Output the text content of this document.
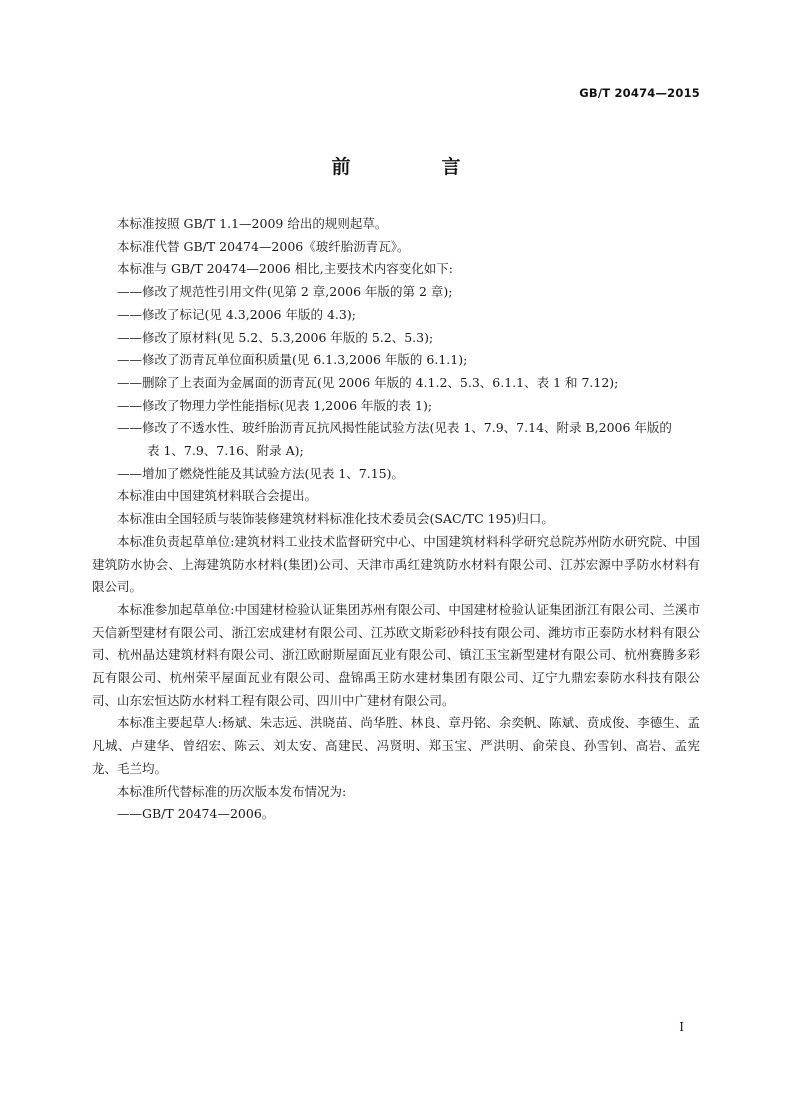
GB/T 20474—2015
前　言

本标准按照 GB/T 1.1—2009 给出的规则起草。

本标准代替 GB/T 20474—2006《玻纤胎沥青瓦》。

本标准与 GB/T 20474—2006 相比,主要技术内容变化如下:

——修改了规范性引用文件(见第 2 章,2006 年版的第 2 章);
——修改了标记(见 4.3,2006 年版的 4.3);
——修改了原材料(见 5.2、5.3,2006 年版的 5.2、5.3);
——修改了沥青瓦单位面积质量(见 6.1.3,2006 年版的 6.1.1);
——删除了上表面为金属面的沥青瓦(见 2006 年版的 4.1.2、5.3、6.1.1、表 1 和 7.12);
——修改了物理力学性能指标(见表 1,2006 年版的表 1);
——修改了不透水性、玻纤胎沥青瓦抗风揭性能试验方法(见表 1、7.9、7.14、附录 B,2006 年版的
表 1、7.9、7.16、附录 A);
——增加了燃烧性能及其试验方法(见表 1、7.15)。

本标准由中国建筑材料联合会提出。

本标准由全国轻质与装饰装修建筑材料标准化技术委员会(SAC/TC 195)归口。

本标准负责起草单位:建筑材料工业技术监督研究中心、中国建筑材料科学研究总院苏州防水研究院、中国建筑防水协会、上海建筑防水材料(集团)公司、天津市禹红建筑防水材料有限公司、江苏宏源中孚防水材料有限公司。

本标准参加起草单位:中国建材检验认证集团苏州有限公司、中国建材检验认证集团浙江有限公司、兰溪市天信新型建材有限公司、浙江宏成建材有限公司、江苏欧文斯彩砂科技有限公司、潍坊市正泰防水材料有限公司、杭州晶达建筑材料有限公司、浙江欧耐斯屋面瓦业有限公司、镇江玉宝新型建材有限公司、杭州赛腾多彩瓦有限公司、杭州荣平屋面瓦业有限公司、盘锦禹王防水建材集团有限公司、辽宁九鼎宏泰防水科技有限公司、山东宏恒达防水材料工程有限公司、四川中广建材有限公司。

本标准主要起草人:杨斌、朱志远、洪晓苗、尚华胜、林良、章丹铭、余奕帆、陈斌、贲成俊、李德生、孟凡城、卢建华、曾绍宏、陈云、刘太安、高建民、冯贤明、郑玉宝、严洪明、俞荣良、孙雪钊、高岩、孟宪龙、毛兰均。

本标准所代替标准的历次版本发布情况为:

——GB/T 20474—2006。

I
